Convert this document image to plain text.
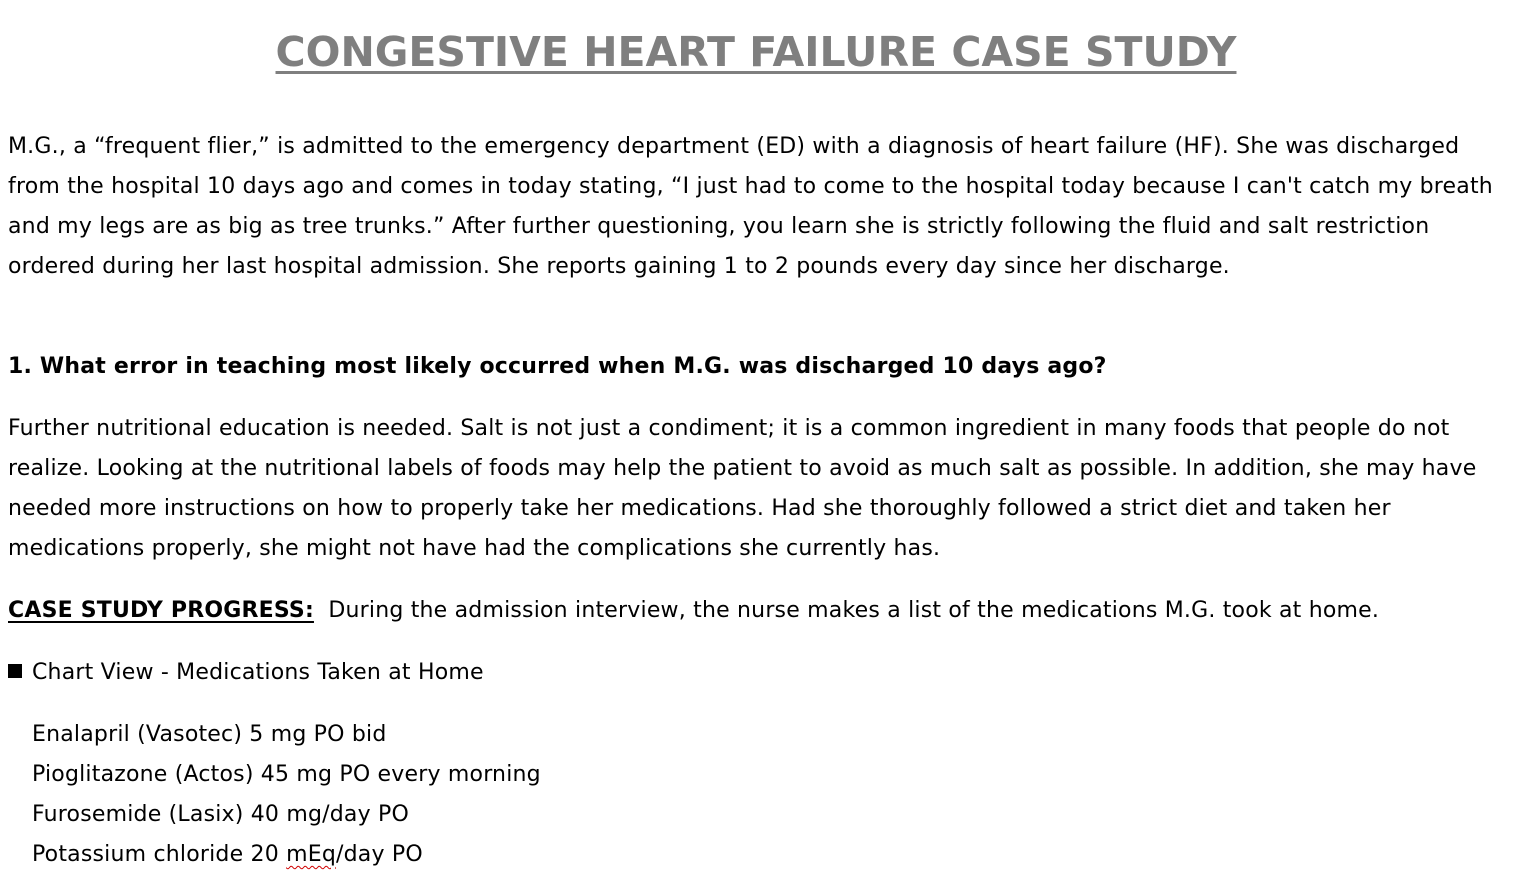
CONGESTIVE HEART FAILURE CASE STUDY

M.G., a “frequent flier,” is admitted to the emergency department (ED) with a diagnosis of heart failure (HF). She was discharged from the hospital 10 days ago and comes in today stating, “I just had to come to the hospital today because I can't catch my breath and my legs are as big as tree trunks.” After further questioning, you learn she is strictly following the fluid and salt restriction ordered during her last hospital admission. She reports gaining 1 to 2 pounds every day since her discharge.

1. What error in teaching most likely occurred when M.G. was discharged 10 days ago?

Further nutritional education is needed. Salt is not just a condiment; it is a common ingredient in many foods that people do not realize. Looking at the nutritional labels of foods may help the patient to avoid as much salt as possible. In addition, she may have needed more instructions on how to properly take her medications. Had she thoroughly followed a strict diet and taken her medications properly, she might not have had the complications she currently has.

CASE STUDY PROGRESS: During the admission interview, the nurse makes a list of the medications M.G. took at home.

Chart View - Medications Taken at Home

Enalapril (Vasotec) 5 mg PO bid
Pioglitazone (Actos) 45 mg PO every morning
Furosemide (Lasix) 40 mg/day PO
Potassium chloride 20 mEq/day PO
